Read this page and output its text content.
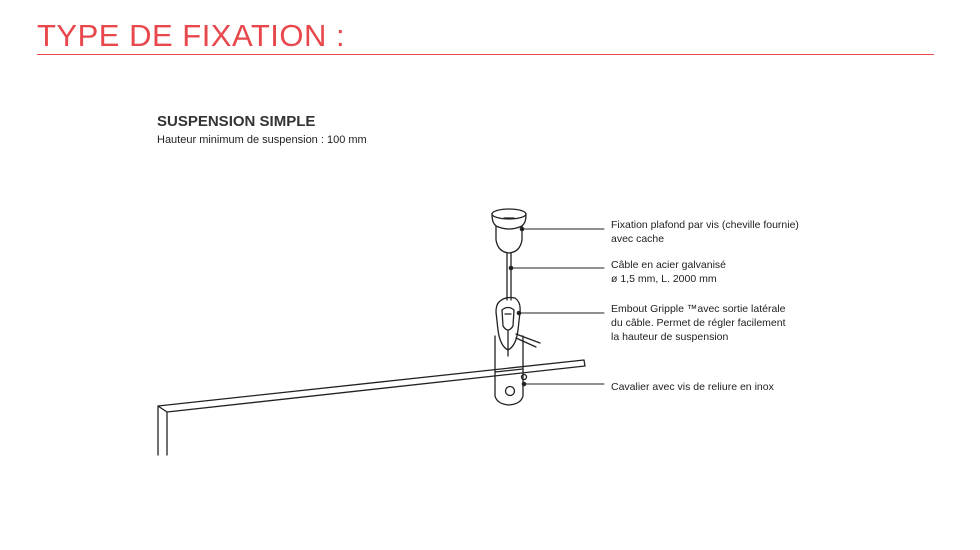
TYPE DE FIXATION :
SUSPENSION SIMPLE
Hauteur minimum de suspension : 100 mm
Fixation plafond par vis (cheville fournie)
avec cache
Câble en acier galvanisé
ø 1,5 mm, L. 2000 mm
Embout Gripple ™avec sortie latérale
du câble. Permet de régler facilement
la hauteur de suspension
Cavalier avec vis de reliure en inox
